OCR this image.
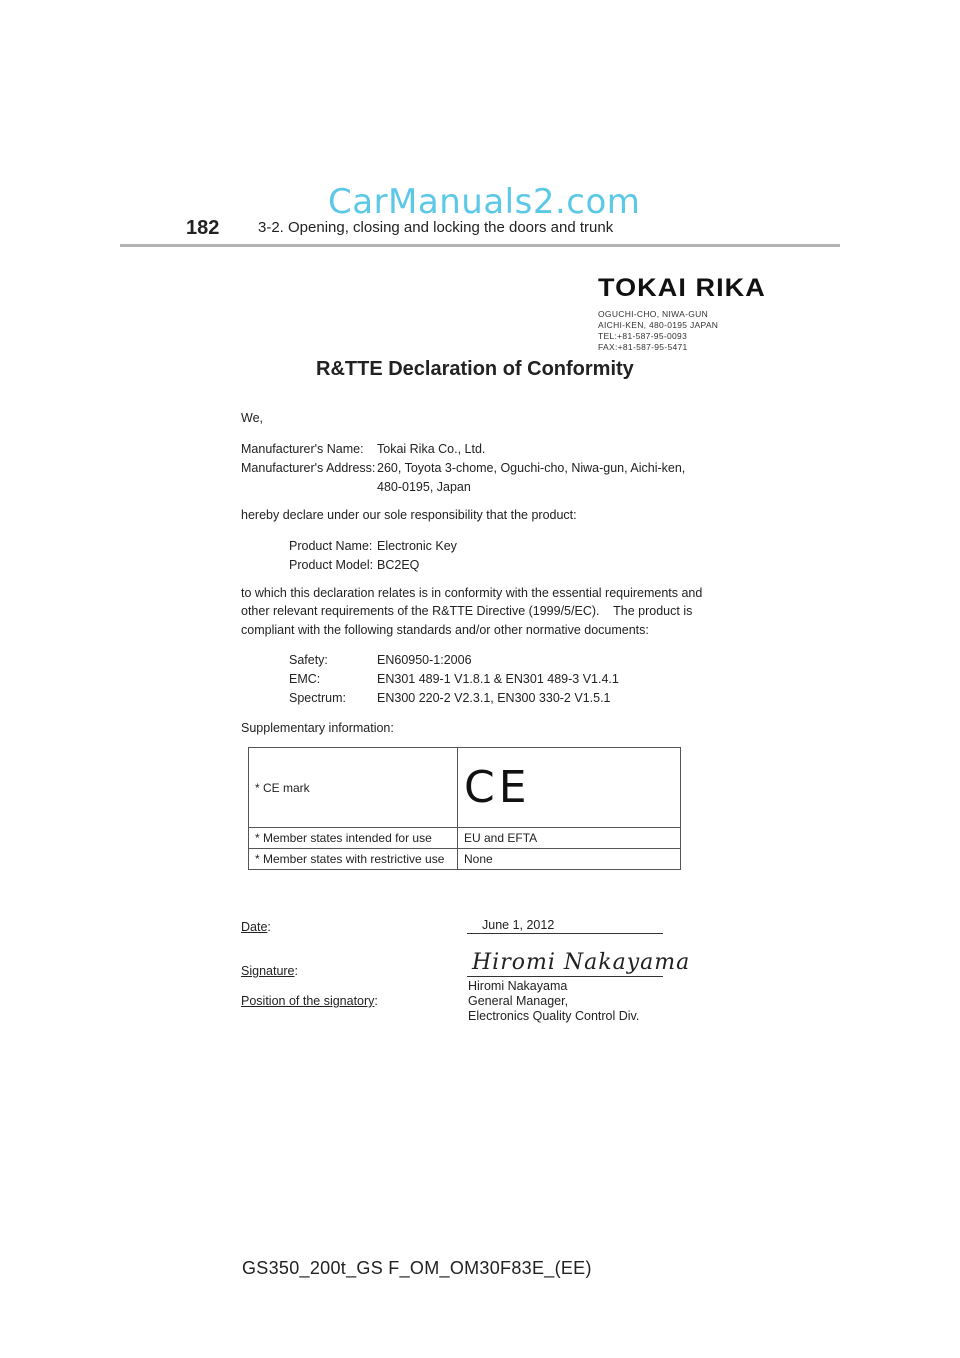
CarManuals2.com
182	3-2. Opening, closing and locking the doors and trunk
TOKAI RIKA
OGUCHI-CHO, NIWA-GUN
AICHI-KEN, 480-0195 JAPAN
TEL:+81-587-95-0093
FAX:+81-587-95-5471
R&TTE Declaration of Conformity
We,
Manufacturer's Name: Tokai Rika Co., Ltd.
Manufacturer's Address: 260, Toyota 3-chome, Oguchi-cho, Niwa-gun, Aichi-ken,
480-0195, Japan
hereby declare under our sole responsibility that the product:
Product Name: Electronic Key
Product Model: BC2EQ
to which this declaration relates is in conformity with the essential requirements and
other relevant requirements of the R&TTE Directive (1999/5/EC).    The product is
compliant with the following standards and/or other normative documents:
Safety:	EN60950-1:2006
EMC:	EN301 489-1 V1.8.1 & EN301 489-3 V1.4.1
Spectrum: EN300 220-2 V2.3.1, EN300 330-2 V1.5.1
Supplementary information:
* CE mark	CE
* Member states intended for use	EU and EFTA
* Member states with restrictive use	None
Date:	June 1, 2012
Signature:	Hiromi Nakayama
Position of the signatory:
Hiromi Nakayama
General Manager,
Electronics Quality Control Div.
GS350_200t_GS F_OM_OM30F83E_(EE)
